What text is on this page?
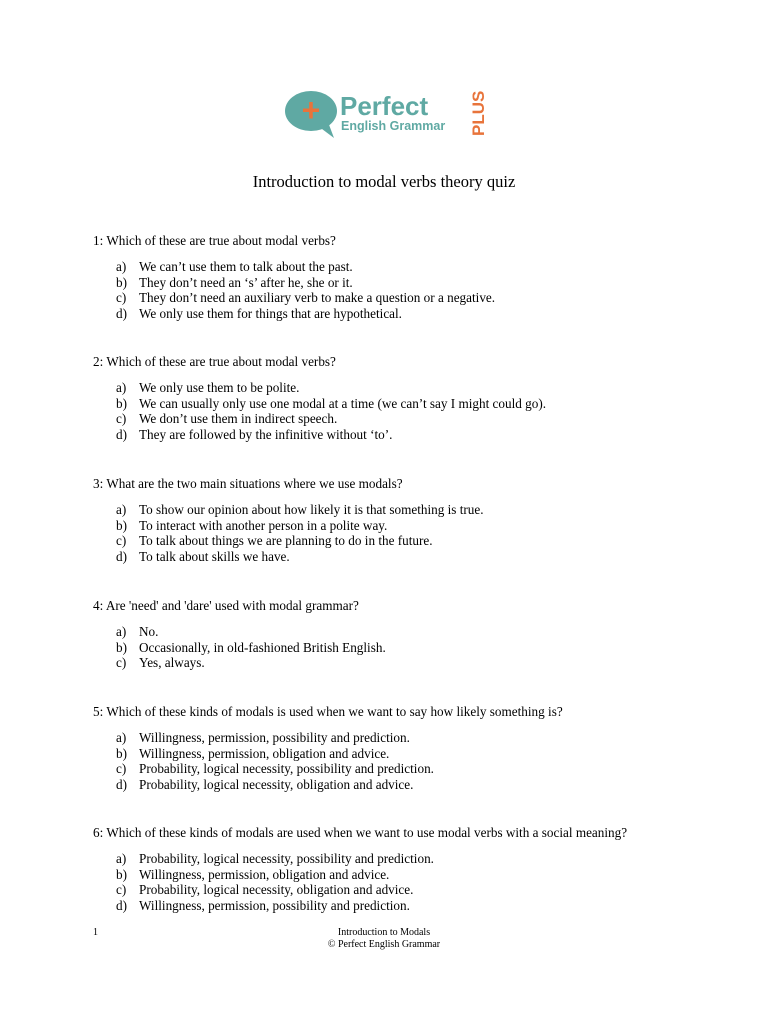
+ Perfect
English Grammar PLUS
Introduction to modal verbs theory quiz

1: Which of these are true about modal verbs?

a) We can’t use them to talk about the past.
b) They don’t need an ‘s’ after he, she or it.
c) They don’t need an auxiliary verb to make a question or a negative.
d) We only use them for things that are hypothetical.

2: Which of these are true about modal verbs?

a) We only use them to be polite.
b) We can usually only use one modal at a time (we can’t say I might could go).
c) We don’t use them in indirect speech.
d) They are followed by the infinitive without ‘to’.

3: What are the two main situations where we use modals?

a) To show our opinion about how likely it is that something is true.
b) To interact with another person in a polite way.
c) To talk about things we are planning to do in the future.
d) To talk about skills we have.

4: Are 'need' and 'dare' used with modal grammar?

a) No.
b) Occasionally, in old-fashioned British English.
c) Yes, always.

5: Which of these kinds of modals is used when we want to say how likely something is?

a) Willingness, permission, possibility and prediction.
b) Willingness, permission, obligation and advice.
c) Probability, logical necessity, possibility and prediction.
d) Probability, logical necessity, obligation and advice.

6: Which of these kinds of modals are used when we want to use modal verbs with a social meaning?

a) Probability, logical necessity, possibility and prediction.
b) Willingness, permission, obligation and advice.
c) Probability, logical necessity, obligation and advice.
d) Willingness, permission, possibility and prediction.
1	Introduction to Modals
© Perfect English Grammar
